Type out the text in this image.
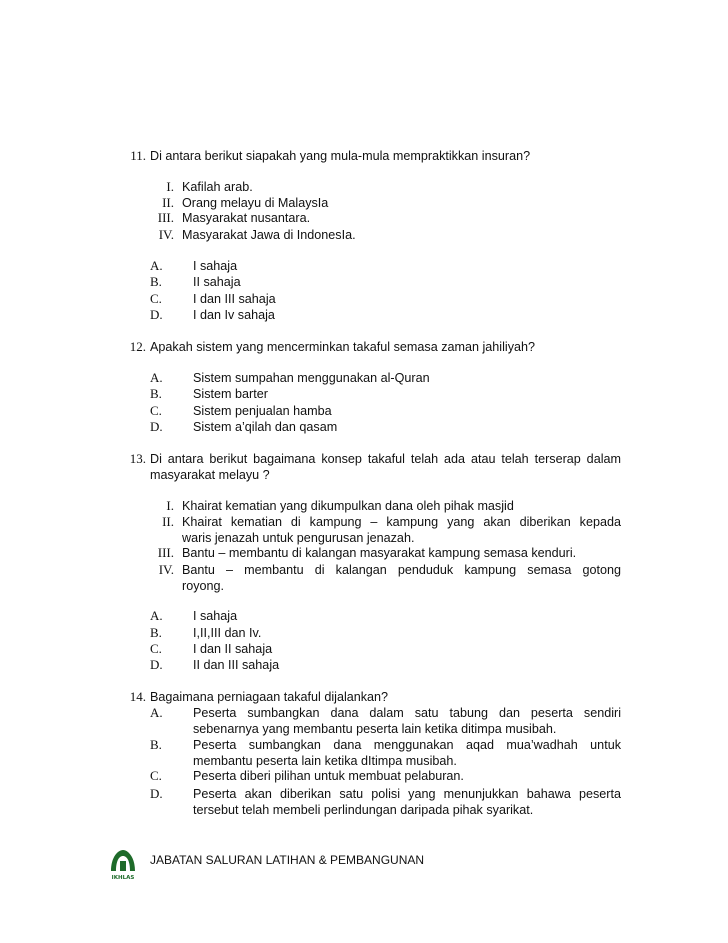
11. Di antara berikut siapakah yang mula-mula mempraktikkan insuran?
I. Kafilah arab.
II. Orang melayu di MalaysIa
III. Masyarakat nusantara.
IV. Masyarakat Jawa di IndonesIa.
A.	I sahaja
B.	II sahaja
C.	I dan III sahaja
D.	I dan Iv sahaja
12. Apakah sistem yang mencerminkan takaful semasa zaman jahiliyah?
A.	Sistem sumpahan menggunakan al-Quran
B.	Sistem barter
C.	Sistem penjualan hamba
D.	Sistem a’qilah dan qasam
13. Di antara berikut bagaimana konsep takaful telah ada atau telah terserap dalam
masyarakat melayu ?
I. Khairat kematian yang dikumpulkan dana oleh pihak masjid
II. Khairat kematian di kampung – kampung yang akan diberikan kepada
waris jenazah untuk pengurusan jenazah.
III. Bantu – membantu di kalangan masyarakat kampung semasa kenduri.
IV. Bantu – membantu di kalangan penduduk kampung semasa gotong
royong.
A.	I sahaja
B.	I,II,III dan Iv.
C.	I dan II sahaja
D.	II dan III sahaja
14. Bagaimana perniagaan takaful dijalankan?
A.	Peserta sumbangkan dana dalam satu tabung dan peserta sendiri
sebenarnya yang membantu peserta lain ketika ditimpa musibah.
B.	Peserta sumbangkan dana menggunakan aqad mua’wadhah untuk
membantu peserta lain ketika dItimpa musibah.
C.	Peserta diberi pilihan untuk membuat pelaburan.
D.	Peserta akan diberikan satu polisi yang menunjukkan bahawa peserta
tersebut telah membeli perlindungan daripada pihak syarikat.
IKHLAS
JABATAN SALURAN LATIHAN & PEMBANGUNAN
